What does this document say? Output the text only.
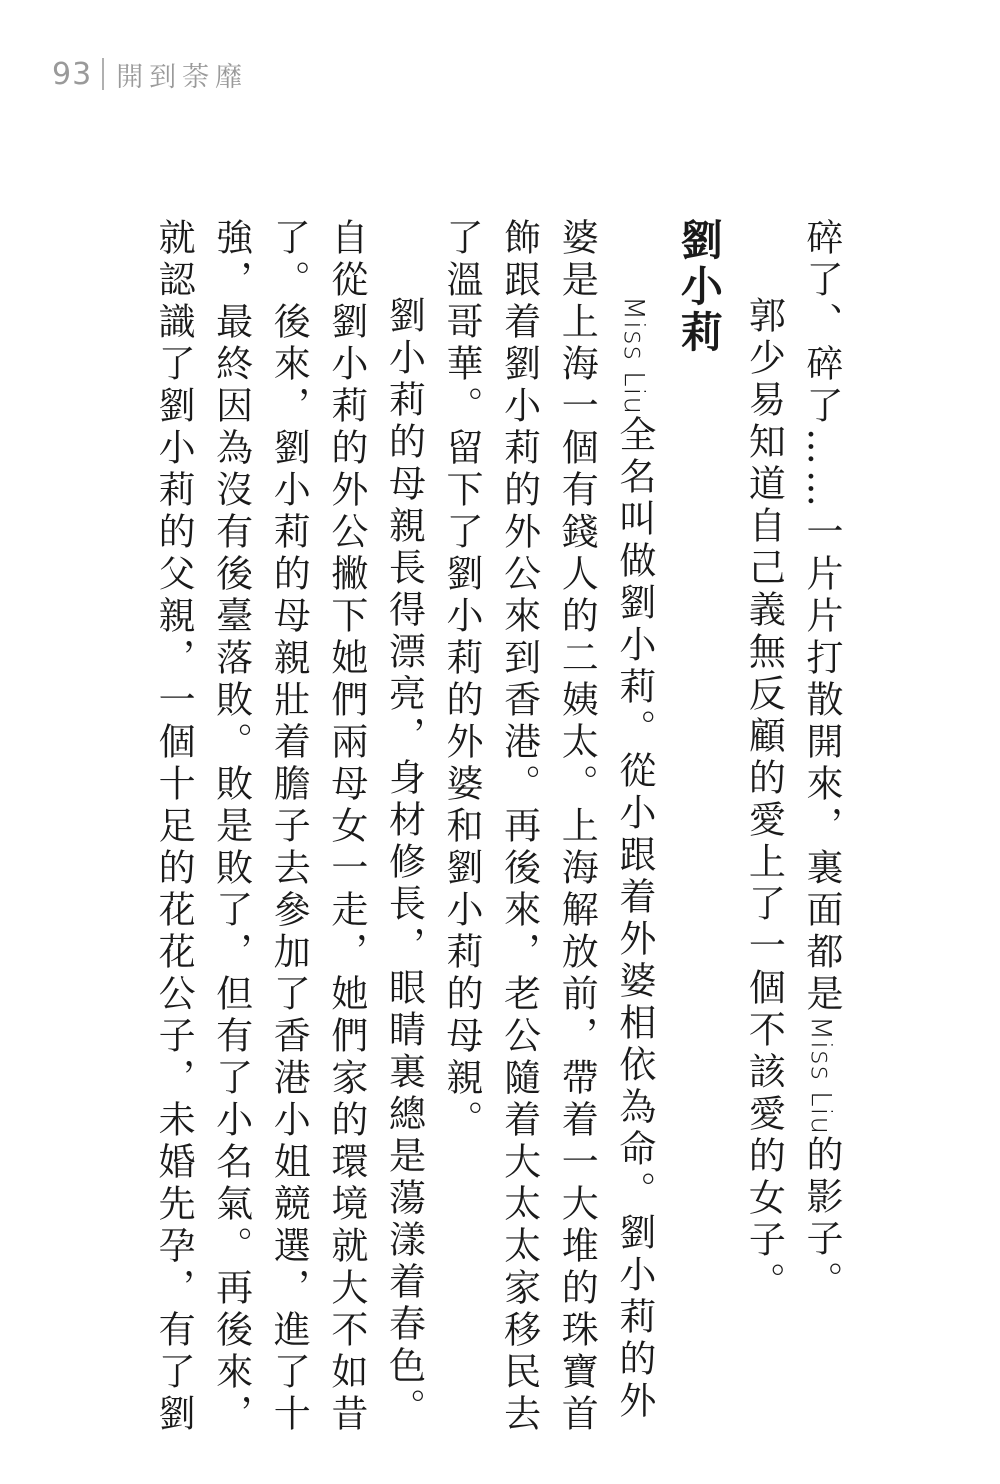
93 開到荼靡

碎了、碎了……一片片打散開來，裏面都是Miss Liu的影子。

郭少易知道自己義無反顧的愛上了一個不該愛的女子。

劉小莉

Miss Liu全名叫做劉小莉。從小跟着外婆相依為命。劉小莉的外

婆是上海一個有錢人的二姨太。上海解放前，帶着一大堆的珠寶首

飾跟着劉小莉的外公來到香港。再後來，老公隨着大太太家移民去

了溫哥華。留下了劉小莉的外婆和劉小莉的母親。

劉小莉的母親長得漂亮，身材修長，眼睛裏總是蕩漾着春色。

自從劉小莉的外公撇下她們兩母女一走，她們家的環境就大不如昔

了。後來，劉小莉的母親壯着膽子去參加了香港小姐競選，進了十

強，最終因為沒有後臺落敗。敗是敗了，但有了小名氣。再後來，

就認識了劉小莉的父親，一個十足的花花公子，未婚先孕，有了劉
